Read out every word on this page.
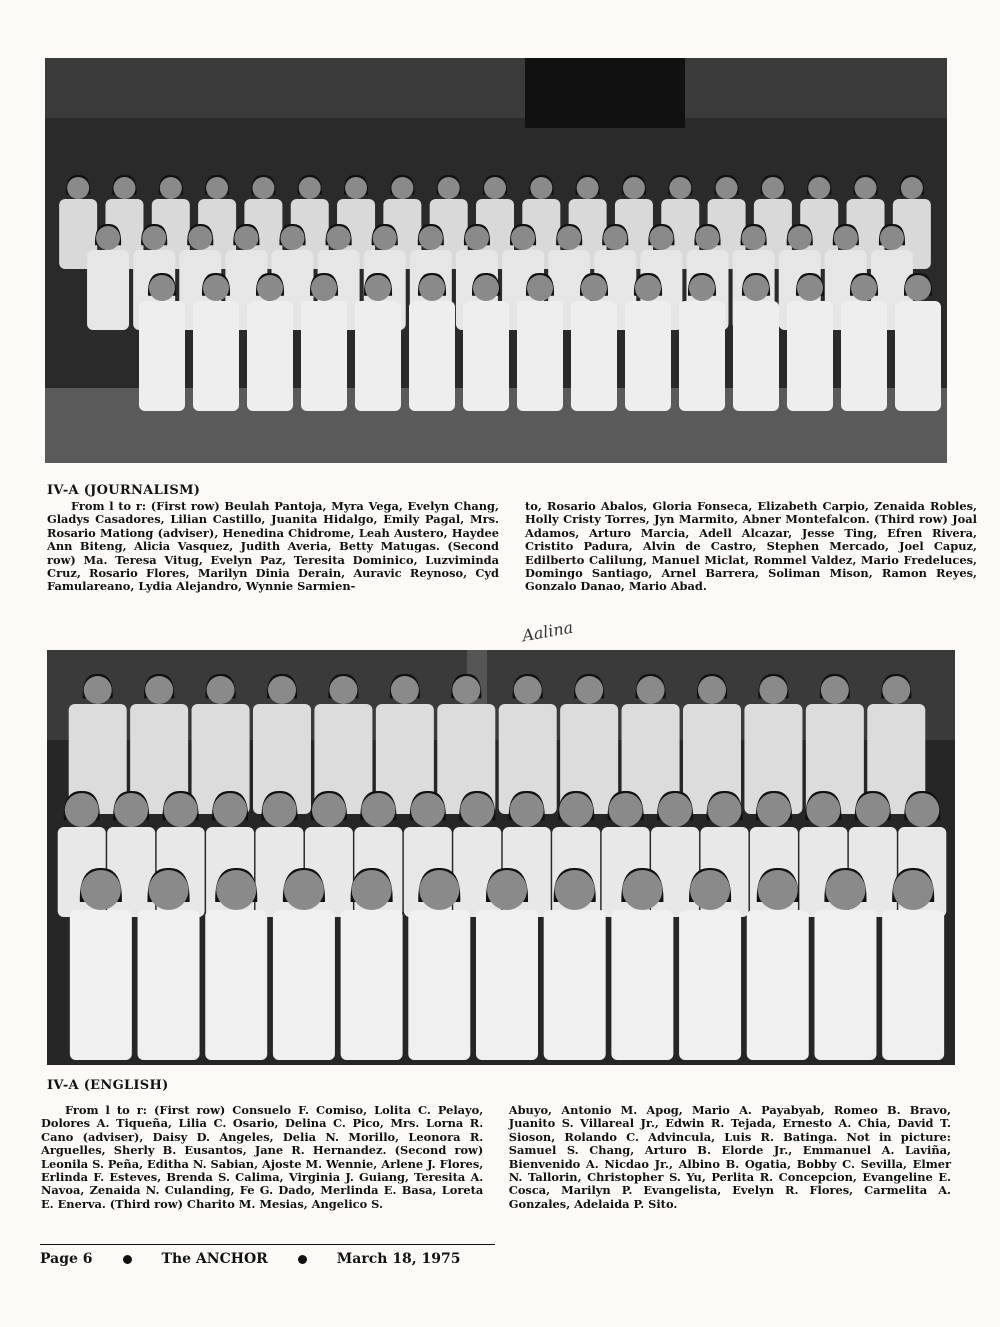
IV-A (JOURNALISM)
From l to r: (First row) Beulah Pantoja, Myra Vega, Evelyn Chang, Gladys Casadores, Lilian Castillo, Juanita Hidalgo, Emily Pagal, Mrs. Rosario Mationg (adviser), Henedina Chidrome, Leah Austero, Haydee Ann Biteng, Alicia Vasquez, Judith Averia, Betty Matugas. (Second row) Ma. Teresa Vitug, Evelyn Paz, Teresita Dominico, Luzviminda Cruz, Rosario Flores, Marilyn Dinia Derain, Auravic Reynoso, Cyd Famulareano, Lydia Alejandro, Wynnie Sarmien-
to, Rosario Abalos, Gloria Fonseca, Elizabeth Carpio, Zenaida Robles, Holly Cristy Torres, Jyn Marmito, Abner Montefalcon. (Third row) Joal Adamos, Arturo Marcia, Adell Alcazar, Jesse Ting, Efren Rivera, Cristito Padura, Alvin de Castro, Stephen Mercado, Joel Capuz, Edilberto Calilung, Manuel Miclat, Rommel Valdez, Mario Fredeluces, Domingo Santiago, Arnel Barrera, Soliman Mison, Ramon Reyes, Gonzalo Danao, Mario Abad.
Aalina
IV-A (ENGLISH)
From l to r: (First row) Consuelo F. Comiso, Lolita C. Pelayo, Dolores A. Tiqueña, Lilia C. Osario, Delina C. Pico, Mrs. Lorna R. Cano (adviser), Daisy D. Angeles, Delia N. Morillo, Leonora R. Arguelles, Sherly B. Eusantos, Jane R. Hernandez. (Second row) Leonila S. Peña, Editha N. Sabian, Ajoste M. Wennie, Arlene J. Flores, Erlinda F. Esteves, Brenda S. Calima, Virginia J. Guiang, Teresita A. Navoa, Zenaida N. Culanding, Fe G. Dado, Merlinda E. Basa, Loreta E. Enerva. (Third row) Charito M. Mesias, Angelico S.
Abuyo, Antonio M. Apog, Mario A. Payabyab, Romeo B. Bravo, Juanito S. Villareal Jr., Edwin R. Tejada, Ernesto A. Chia, David T. Sioson, Rolando C. Advincula, Luis R. Batinga. Not in picture: Samuel S. Chang, Arturo B. Elorde Jr., Emmanuel A. Laviña, Bienvenido A. Nicdao Jr., Albino B. Ogatia, Bobby C. Sevilla, Elmer N. Tallorin, Christopher S. Yu, Perlita R. Concepcion, Evangeline E. Cosca, Marilyn P. Evangelista, Evelyn R. Flores, Carmelita A. Gonzales, Adelaida P. Sito.
Page 6	The ANCHOR	March 18, 1975
